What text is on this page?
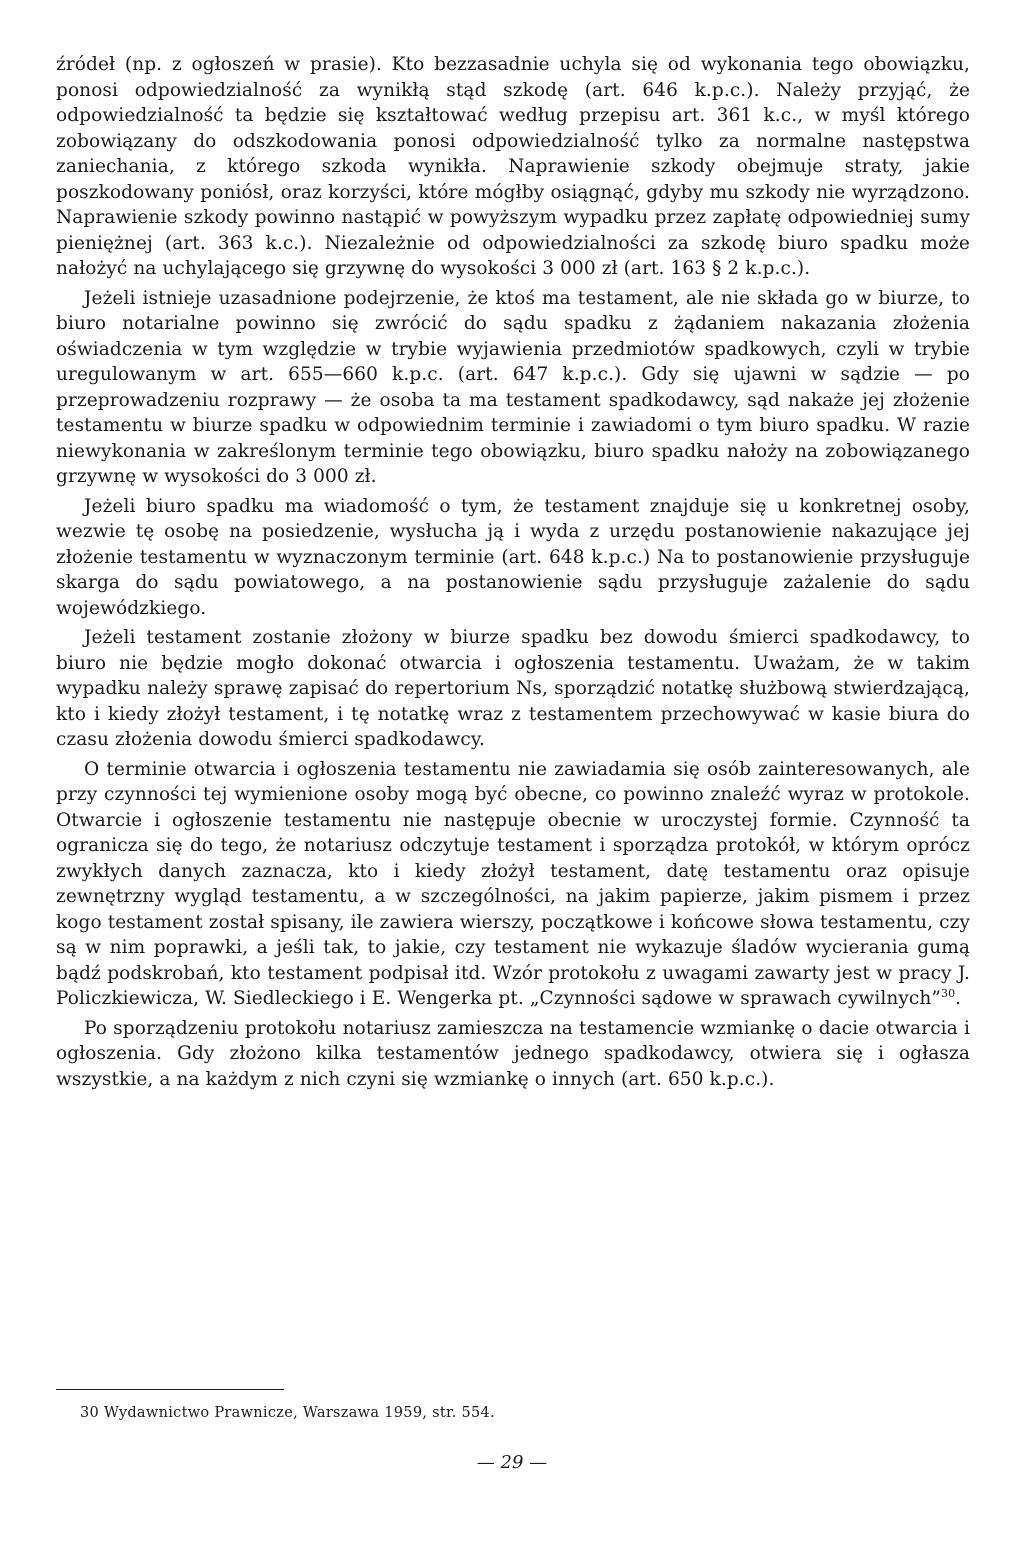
źródeł (np. z ogłoszeń w prasie). Kto bezzasadnie uchyla się od wykonania tego obowiązku, ponosi odpowiedzialność za wynikłą stąd szkodę (art. 646 k.p.c.). Należy przyjąć, że odpowiedzialność ta będzie się kształtować według przepisu art. 361 k.c., w myśl którego zobowiązany do odszkodowania ponosi odpowiedzialność tylko za normalne następstwa zaniechania, z którego szkoda wynikła. Naprawienie szkody obejmuje straty, jakie poszkodowany poniósł, oraz korzyści, które mógłby osiągnąć, gdyby mu szkody nie wyrządzono. Naprawienie szkody powinno nastąpić w powyższym wypadku przez zapłatę odpowiedniej sumy pieniężnej (art. 363 k.c.). Niezależnie od odpowiedzialności za szkodę biuro spadku może nałożyć na uchylającego się grzywnę do wysokości 3 000 zł (art. 163 § 2 k.p.c.).

Jeżeli istnieje uzasadnione podejrzenie, że ktoś ma testament, ale nie składa go w biurze, to biuro notarialne powinno się zwrócić do sądu spadku z żądaniem nakazania złożenia oświadczenia w tym względzie w trybie wyjawienia przedmiotów spadkowych, czyli w trybie uregulowanym w art. 655—660 k.p.c. (art. 647 k.p.c.). Gdy się ujawni w sądzie — po przeprowadzeniu rozprawy — że osoba ta ma testament spadkodawcy, sąd nakaże jej złożenie testamentu w biurze spadku w odpowiednim terminie i zawiadomi o tym biuro spadku. W razie niewykonania w zakreślonym terminie tego obowiązku, biuro spadku nałoży na zobowiązanego grzywnę w wysokości do 3 000 zł.

Jeżeli biuro spadku ma wiadomość o tym, że testament znajduje się u konkretnej osoby, wezwie tę osobę na posiedzenie, wysłucha ją i wyda z urzędu postanowienie nakazujące jej złożenie testamentu w wyznaczonym terminie (art. 648 k.p.c.) Na to postanowienie przysługuje skarga do sądu powiatowego, a na postanowienie sądu przysługuje zażalenie do sądu wojewódzkiego.

Jeżeli testament zostanie złożony w biurze spadku bez dowodu śmierci spadkodawcy, to biuro nie będzie mogło dokonać otwarcia i ogłoszenia testamentu. Uważam, że w takim wypadku należy sprawę zapisać do repertorium Ns, sporządzić notatkę służbową stwierdzającą, kto i kiedy złożył testament, i tę notatkę wraz z testamentem przechowywać w kasie biura do czasu złożenia dowodu śmierci spadkodawcy.

O terminie otwarcia i ogłoszenia testamentu nie zawiadamia się osób zainteresowanych, ale przy czynności tej wymienione osoby mogą być obecne, co powinno znaleźć wyraz w protokole. Otwarcie i ogłoszenie testamentu nie następuje obecnie w uroczystej formie. Czynność ta ogranicza się do tego, że notariusz odczytuje testament i sporządza protokół, w którym oprócz zwykłych danych zaznacza, kto i kiedy złożył testament, datę testamentu oraz opisuje zewnętrzny wygląd testamentu, a w szczególności, na jakim papierze, jakim pismem i przez kogo testament został spisany, ile zawiera wierszy, początkowe i końcowe słowa testamentu, czy są w nim poprawki, a jeśli tak, to jakie, czy testament nie wykazuje śladów wycierania gumą bądź podskrobań, kto testament podpisał itd. Wzór protokołu z uwagami zawarty jest w pracy J. Policzkiewicza, W. Siedleckiego i E. Wengerka pt. „Czynności sądowe w sprawach cywilnych”$^{30}$.

Po sporządzeniu protokołu notariusz zamieszcza na testamencie wzmiankę o dacie otwarcia i ogłoszenia. Gdy złożono kilka testamentów jednego spadkodawcy, otwiera się i ogłasza wszystkie, a na każdym z nich czyni się wzmiankę o innych (art. 650 k.p.c.).

30 Wydawnictwo Prawnicze, Warszawa 1959, str. 554.

— 29 —
